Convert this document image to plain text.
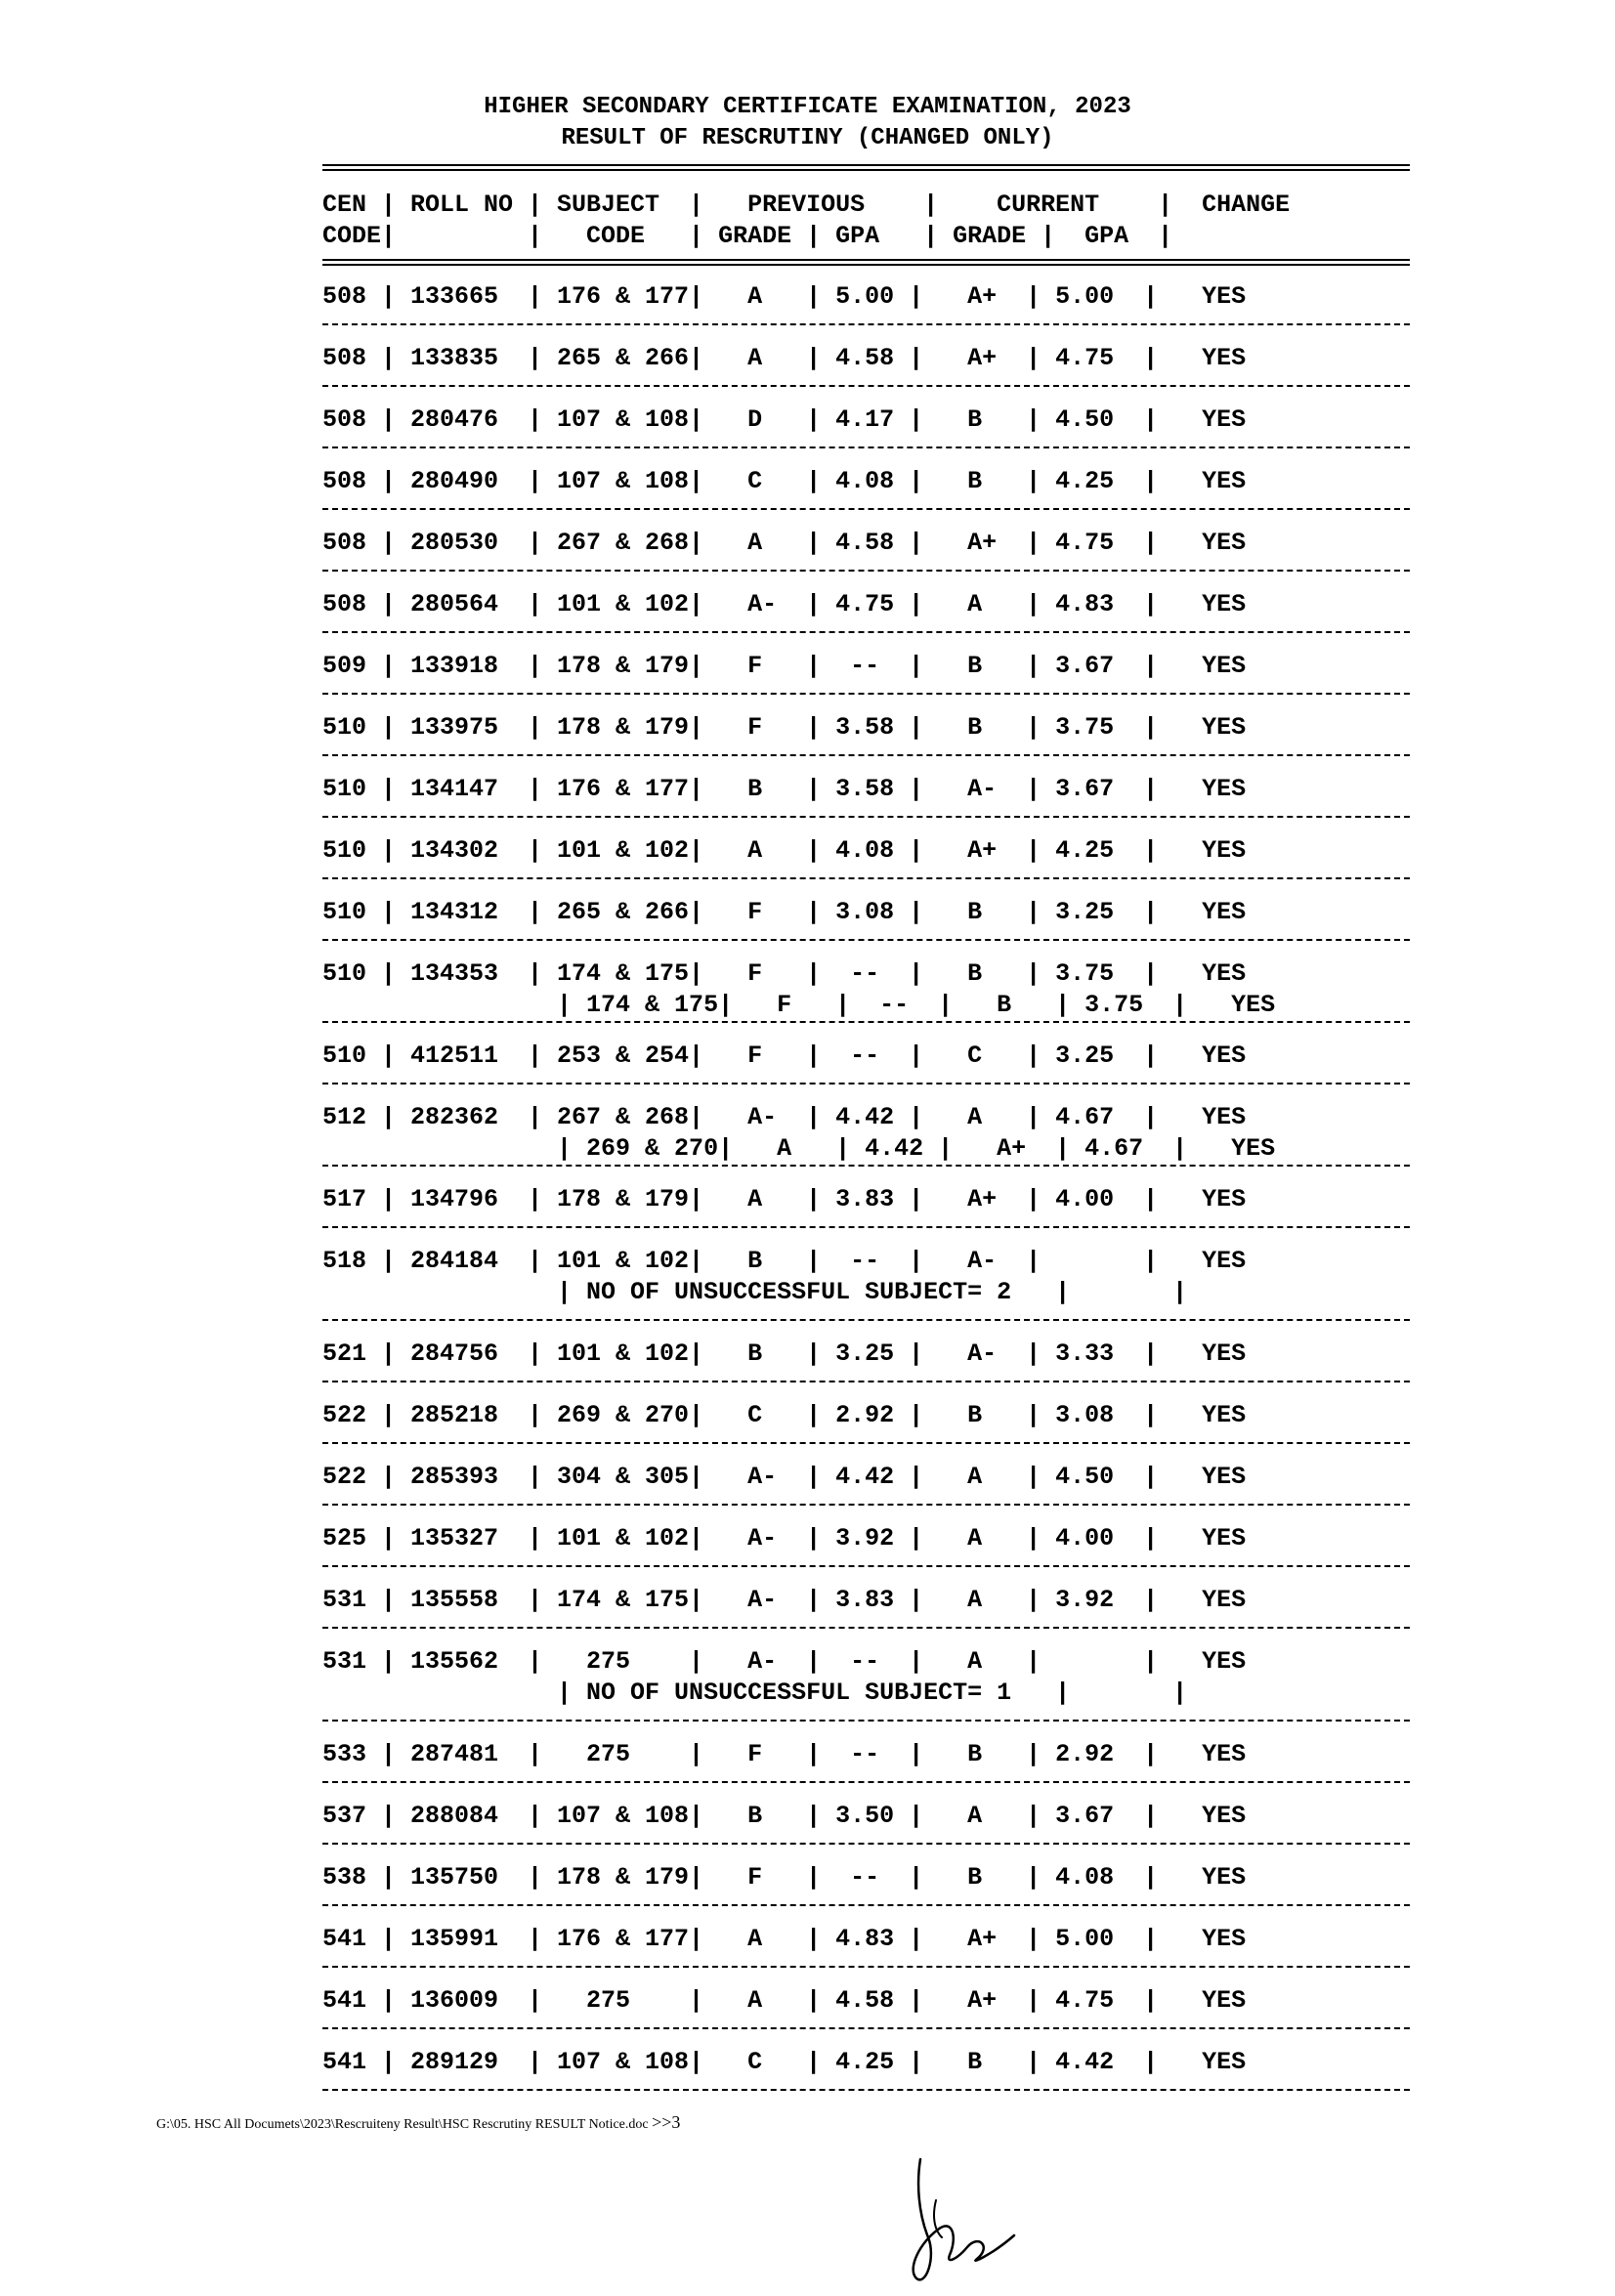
HIGHER SECONDARY CERTIFICATE EXAMINATION, 2023
RESULT OF RESCRUTINY (CHANGED ONLY)
CEN | ROLL NO | SUBJECT  |   PREVIOUS    |    CURRENT    |  CHANGE
CODE|         |   CODE   | GRADE | GPA   | GRADE |  GPA  |
508 | 133665  | 176 & 177|   A   | 5.00 |   A+  | 5.00  |   YES
508 | 133835  | 265 & 266|   A   | 4.58 |   A+  | 4.75  |   YES
508 | 280476  | 107 & 108|   D   | 4.17 |   B   | 4.50  |   YES
508 | 280490  | 107 & 108|   C   | 4.08 |   B   | 4.25  |   YES
508 | 280530  | 267 & 268|   A   | 4.58 |   A+  | 4.75  |   YES
508 | 280564  | 101 & 102|   A-  | 4.75 |   A   | 4.83  |   YES
509 | 133918  | 178 & 179|   F   |  --  |   B   | 3.67  |   YES
510 | 133975  | 178 & 179|   F   | 3.58 |   B   | 3.75  |   YES
510 | 134147  | 176 & 177|   B   | 3.58 |   A-  | 3.67  |   YES
510 | 134302  | 101 & 102|   A   | 4.08 |   A+  | 4.25  |   YES
510 | 134312  | 265 & 266|   F   | 3.08 |   B   | 3.25  |   YES
510 | 134353  | 174 & 175|   F   |  --  |   B   | 3.75  |   YES
| 174 & 175|   F   |  --  |   B   | 3.75  |   YES
510 | 412511  | 253 & 254|   F   |  --  |   C   | 3.25  |   YES
512 | 282362  | 267 & 268|   A-  | 4.42 |   A   | 4.67  |   YES
| 269 & 270|   A   | 4.42 |   A+  | 4.67  |   YES
517 | 134796  | 178 & 179|   A   | 3.83 |   A+  | 4.00  |   YES
518 | 284184  | 101 & 102|   B   |  --  |   A-  |       |   YES
| NO OF UNSUCCESSFUL SUBJECT= 2   |       |
521 | 284756  | 101 & 102|   B   | 3.25 |   A-  | 3.33  |   YES
522 | 285218  | 269 & 270|   C   | 2.92 |   B   | 3.08  |   YES
522 | 285393  | 304 & 305|   A-  | 4.42 |   A   | 4.50  |   YES
525 | 135327  | 101 & 102|   A-  | 3.92 |   A   | 4.00  |   YES
531 | 135558  | 174 & 175|   A-  | 3.83 |   A   | 3.92  |   YES
531 | 135562  |   275    |   A-  |  --  |   A   |       |   YES
| NO OF UNSUCCESSFUL SUBJECT= 1   |       |
533 | 287481  |   275    |   F   |  --  |   B   | 2.92  |   YES
537 | 288084  | 107 & 108|   B   | 3.50 |   A   | 3.67  |   YES
538 | 135750  | 178 & 179|   F   |  --  |   B   | 4.08  |   YES
541 | 135991  | 176 & 177|   A   | 4.83 |   A+  | 5.00  |   YES
541 | 136009  |   275    |   A   | 4.58 |   A+  | 4.75  |   YES
541 | 289129  | 107 & 108|   C   | 4.25 |   B   | 4.42  |   YES
G:\05. HSC All Documets\2023\Rescruiteny Result\HSC Rescrutiny RESULT Notice.doc >>3
